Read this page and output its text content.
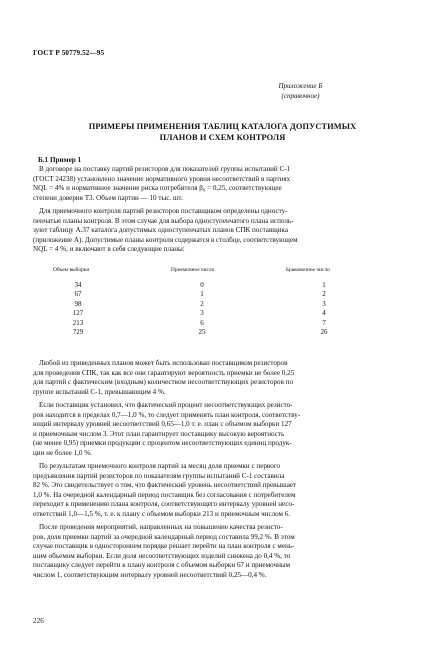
ГОСТ Р 50779.52—95
Приложение Б
(справочное)
ПРИМЕРЫ ПРИМЕНЕНИЯ ТАБЛИЦ КАТАЛОГА ДОПУСТИМЫХ
ПЛАНОВ И СХЕМ КОНТРОЛЯ
Б.1 Пример 1
В договоре на поставку партий резисторов для показателей группы испытаний С-1
(ГОСТ 24238) установлено значение нормативного уровня несоответствий в партиях
NQL = 4% и нормативное значение риска потребителя β₀ = 0,25, соответствующее
степени доверия Т3. Объем партии — 10 тыс. шт.
Для приемочного контроля партий резисторов поставщиком определены односту-
пенчатые планы контроля. В этом случае для выбора одноступенчатого плана исполь-
зуют таблицу А.37 каталога допустимых одноступенчатых планов СПК поставщика
(приложение А). Допустимые планы контроля содержатся в столбце, соответствующем
NQL = 4 %, и включают в себя следующие планы:
Объем выборки	Приемочное число	Браковочное число
34
67
98
127
213
729
0
1
2
3
6
25
1
2
3
4
7
26
Любой из приведенных планов может быть использован поставщиком резисторов
для проведения СПК, так как все они гарантируют вероятность приемки не более 0,25
для партий с фактическим (входным) количеством несоответствующих резисторов по
группе испытаний С-1, превышающим 4 %.
Если поставщик установил, что фактический процент несоответствующих резисто-
ров находится в пределах 0,7—1,0 %, то следует применять план контроля, соответству-
ющий интервалу уровней несоответствий 0,65—1,0 т. е. план с объемом выборки 127
и приемочным числом 3. Этот план гарантирует поставщику высокую вероятность
(не менее 0,95) приемки продукции с процентом несоответствующих единиц продук-
ции не более 1,0 %.
По результатам приемочного контроля партий за месяц доля приемки с первого
предъявления партий резисторов по показателям группы испытаний С-1 составила
82 %. Это свидетельствует о том, что фактический уровень несоответствий превышает
1,0 %. На очередной календарный период поставщик без согласования с потребителем
переходит к применению плана контроля, соответствующего интервалу уровней несо-
ответствий 1,0—1,5 %, т. е. к плану с объемом выборки 213 и приемочным числом 6.
После проведения мероприятий, направленных на повышение качества резисто-
ров, доля приемки партий за очередной календарный период составила 99,2 %. В этом
случае поставщик в одностороннем порядке решает перейти на план контроля с мень-
шим объемом выборки. Если доля несоответствующих изделий снижена до 0,4 %, то
поставщику следует перейти к плану контроля с объемом выборки 67 и приемочным
числом 1, соответствующим интервалу уровней несоответствий 0,25—0,4 %.
226
